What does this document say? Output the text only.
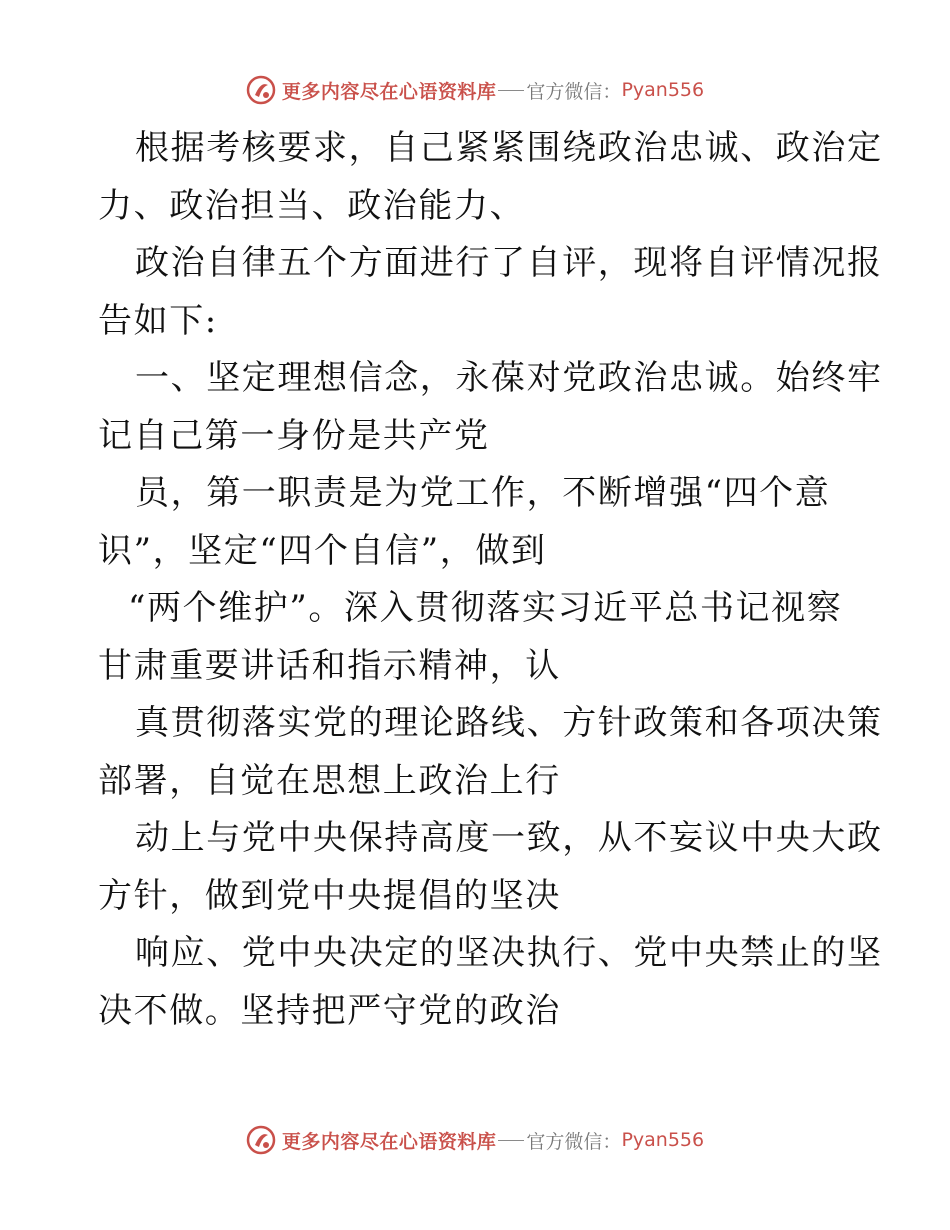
更多内容尽在心语资料库 官方微信： Pyan556
根据考核要求，自己紧紧围绕政治忠诚、政治定
力、政治担当、政治能力、
政治自律五个方面进行了自评，现将自评情况报
告如下:
一、坚定理想信念，永葆对党政治忠诚。始终牢
记自己第一身份是共产党
员，第一职责是为党工作，不断增强“四个意
识”，坚定“四个自信”，做到
“两个维护”。深入贯彻落实习近平总书记视察
甘肃重要讲话和指示精神，认
真贯彻落实党的理论路线、方针政策和各项决策
部署，自觉在思想上政治上行
动上与党中央保持高度一致，从不妄议中央大政
方针，做到党中央提倡的坚决
响应、党中央决定的坚决执行、党中央禁止的坚
决不做。坚持把严守党的政治
更多内容尽在心语资料库 官方微信： Pyan556
